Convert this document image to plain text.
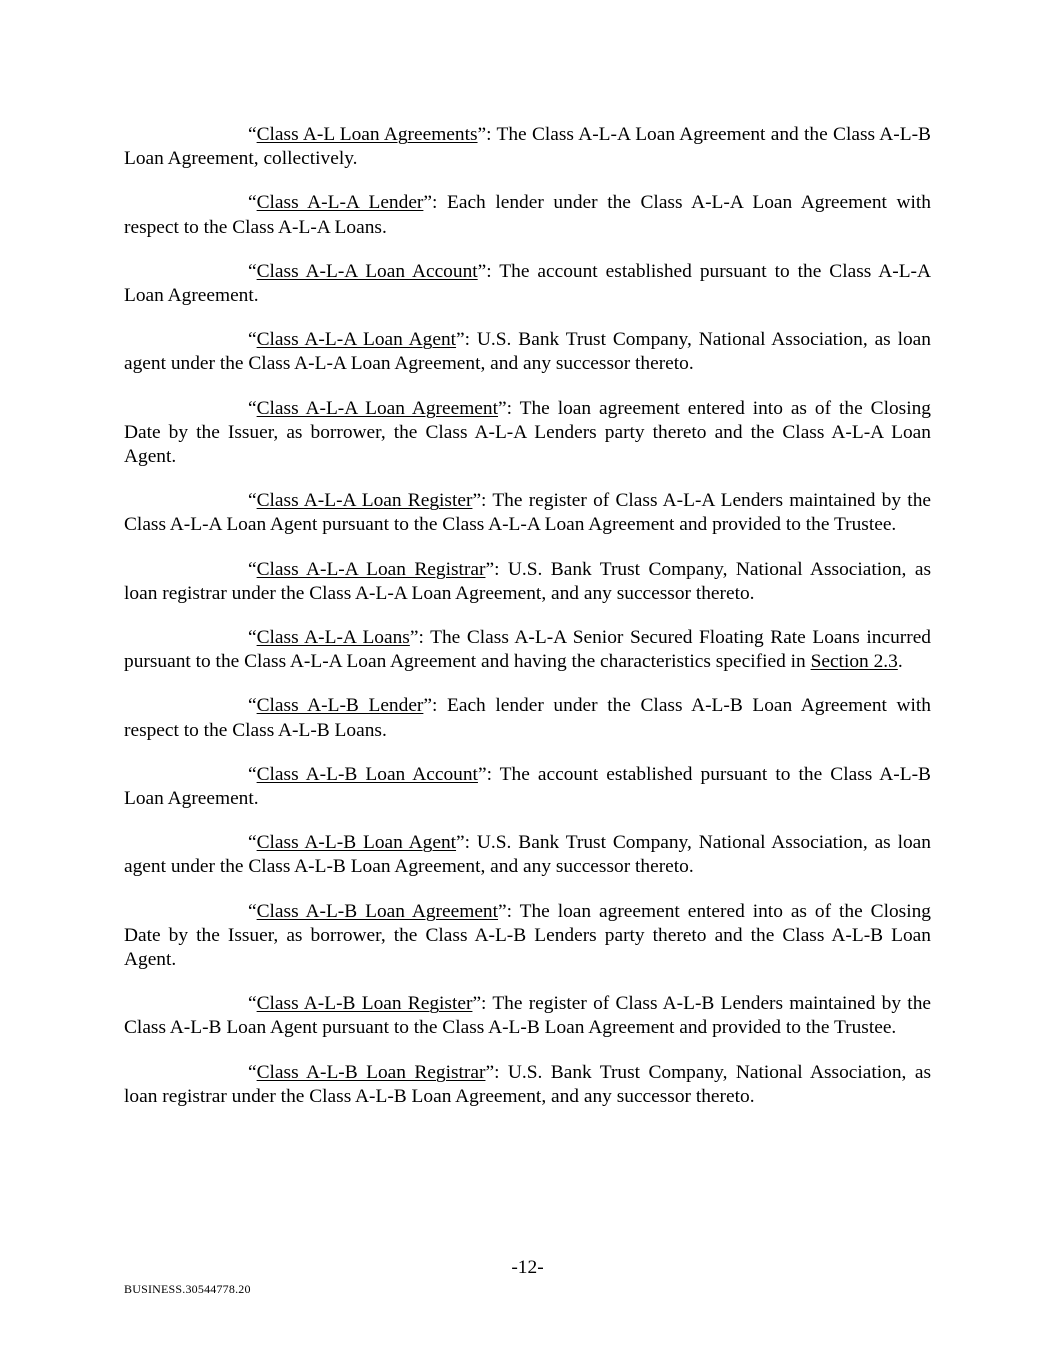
“Class A-L Loan Agreements”: The Class A-L-A Loan Agreement and the Class A-L-B Loan Agreement, collectively.

“Class A-L-A Lender”: Each lender under the Class A-L-A Loan Agreement with respect to the Class A-L-A Loans.

“Class A-L-A Loan Account”: The account established pursuant to the Class A-L-A Loan Agreement.

“Class A-L-A Loan Agent”: U.S. Bank Trust Company, National Association, as loan agent under the Class A-L-A Loan Agreement, and any successor thereto.

“Class A-L-A Loan Agreement”: The loan agreement entered into as of the Closing Date by the Issuer, as borrower, the Class A-L-A Lenders party thereto and the Class A-L-A Loan Agent.

“Class A-L-A Loan Register”: The register of Class A-L-A Lenders maintained by the Class A-L-A Loan Agent pursuant to the Class A-L-A Loan Agreement and provided to the Trustee.

“Class A-L-A Loan Registrar”: U.S. Bank Trust Company, National Association, as loan registrar under the Class A-L-A Loan Agreement, and any successor thereto.

“Class A-L-A Loans”: The Class A-L-A Senior Secured Floating Rate Loans incurred pursuant to the Class A-L-A Loan Agreement and having the characteristics specified in Section 2.3.

“Class A-L-B Lender”: Each lender under the Class A-L-B Loan Agreement with respect to the Class A-L-B Loans.

“Class A-L-B Loan Account”: The account established pursuant to the Class A-L-B Loan Agreement.

“Class A-L-B Loan Agent”: U.S. Bank Trust Company, National Association, as loan agent under the Class A-L-B Loan Agreement, and any successor thereto.

“Class A-L-B Loan Agreement”: The loan agreement entered into as of the Closing Date by the Issuer, as borrower, the Class A-L-B Lenders party thereto and the Class A-L-B Loan Agent.

“Class A-L-B Loan Register”: The register of Class A-L-B Lenders maintained by the Class A-L-B Loan Agent pursuant to the Class A-L-B Loan Agreement and provided to the Trustee.

“Class A-L-B Loan Registrar”: U.S. Bank Trust Company, National Association, as loan registrar under the Class A-L-B Loan Agreement, and any successor thereto.

-12-
BUSINESS.30544778.20
